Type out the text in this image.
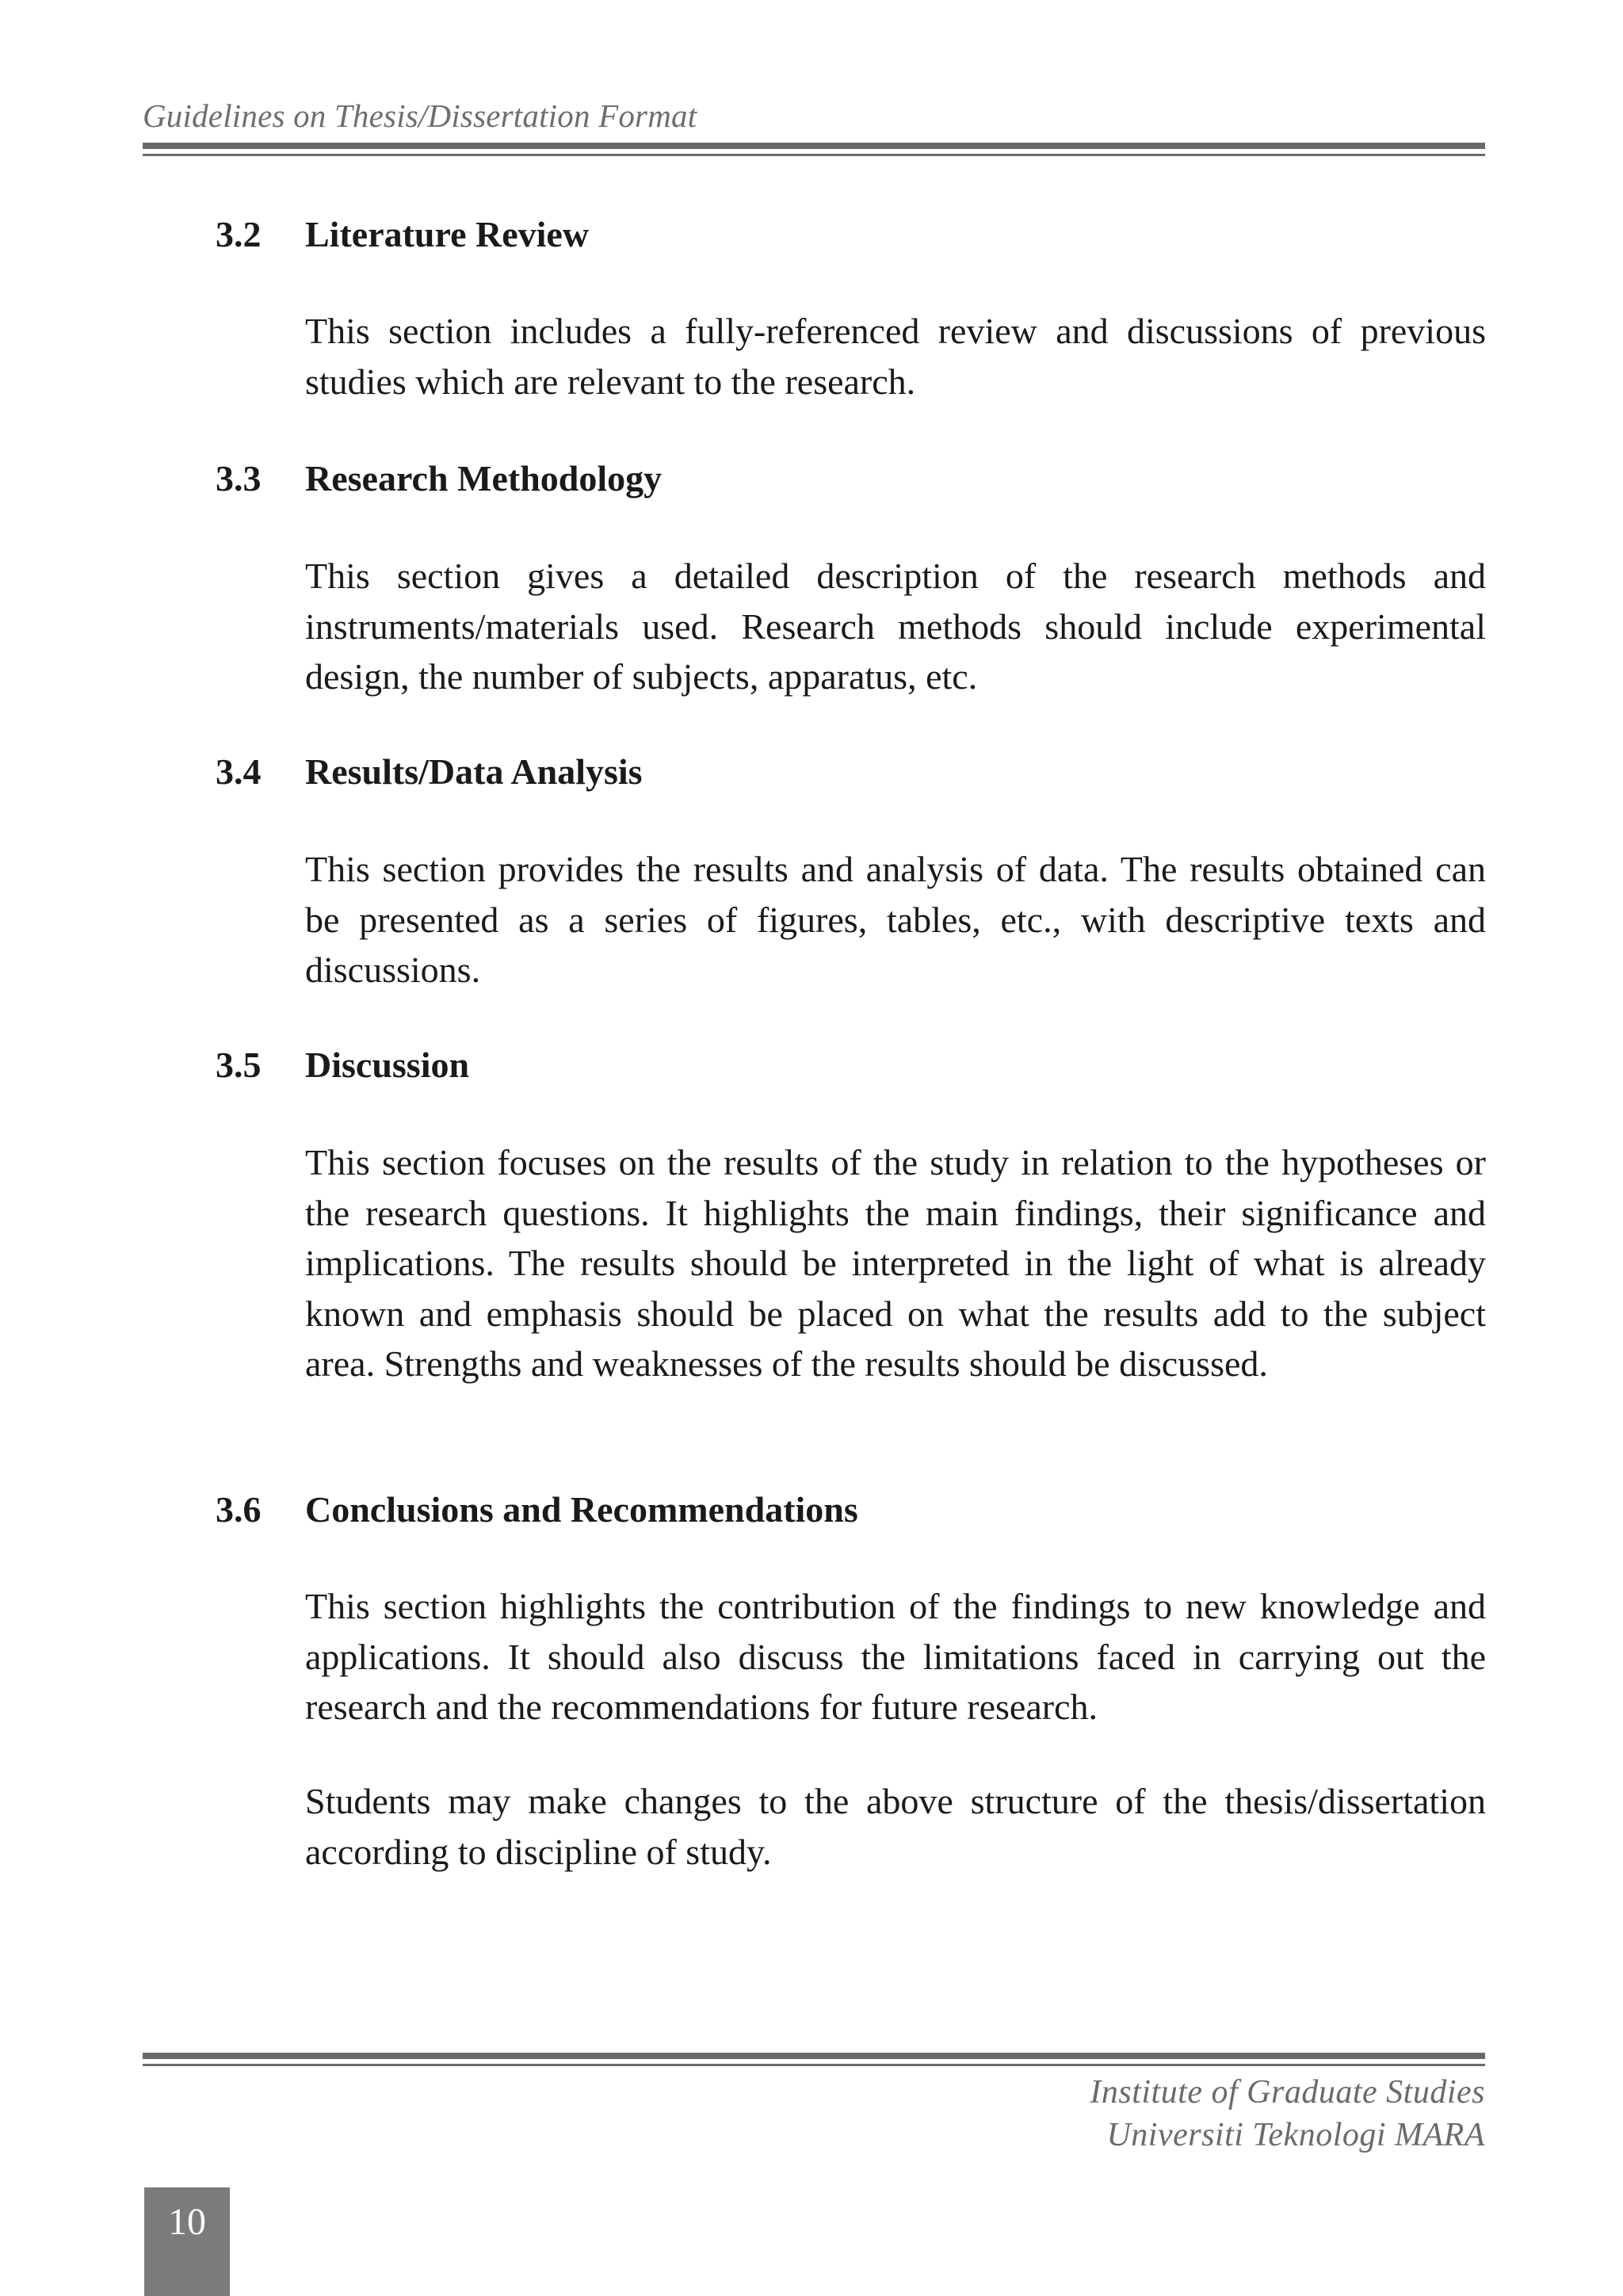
Guidelines on Thesis/Dissertation Format
3.2 Literature Review
This section includes a fully-referenced review and discussions of previous studies which are relevant to the research.
3.3 Research Methodology
This section gives a detailed description of the research methods and instruments/materials used. Research methods should include experimental design, the number of subjects, apparatus, etc.
3.4 Results/Data Analysis
This section provides the results and analysis of data. The results obtained can be presented as a series of figures, tables, etc., with descriptive texts and discussions.
3.5 Discussion
This section focuses on the results of the study in relation to the hypotheses or the research questions. It highlights the main findings, their significance and implications. The results should be interpreted in the light of what is already known and emphasis should be placed on what the results add to the subject area. Strengths and weaknesses of the results should be discussed.
3.6 Conclusions and Recommendations
This section highlights the contribution of the findings to new knowledge and applications. It should also discuss the limitations faced in carrying out the research and the recommendations for future research.
Students may make changes to the above structure of the thesis/dissertation according to discipline of study.
Institute of Graduate Studies
Universiti Teknologi MARA
10
